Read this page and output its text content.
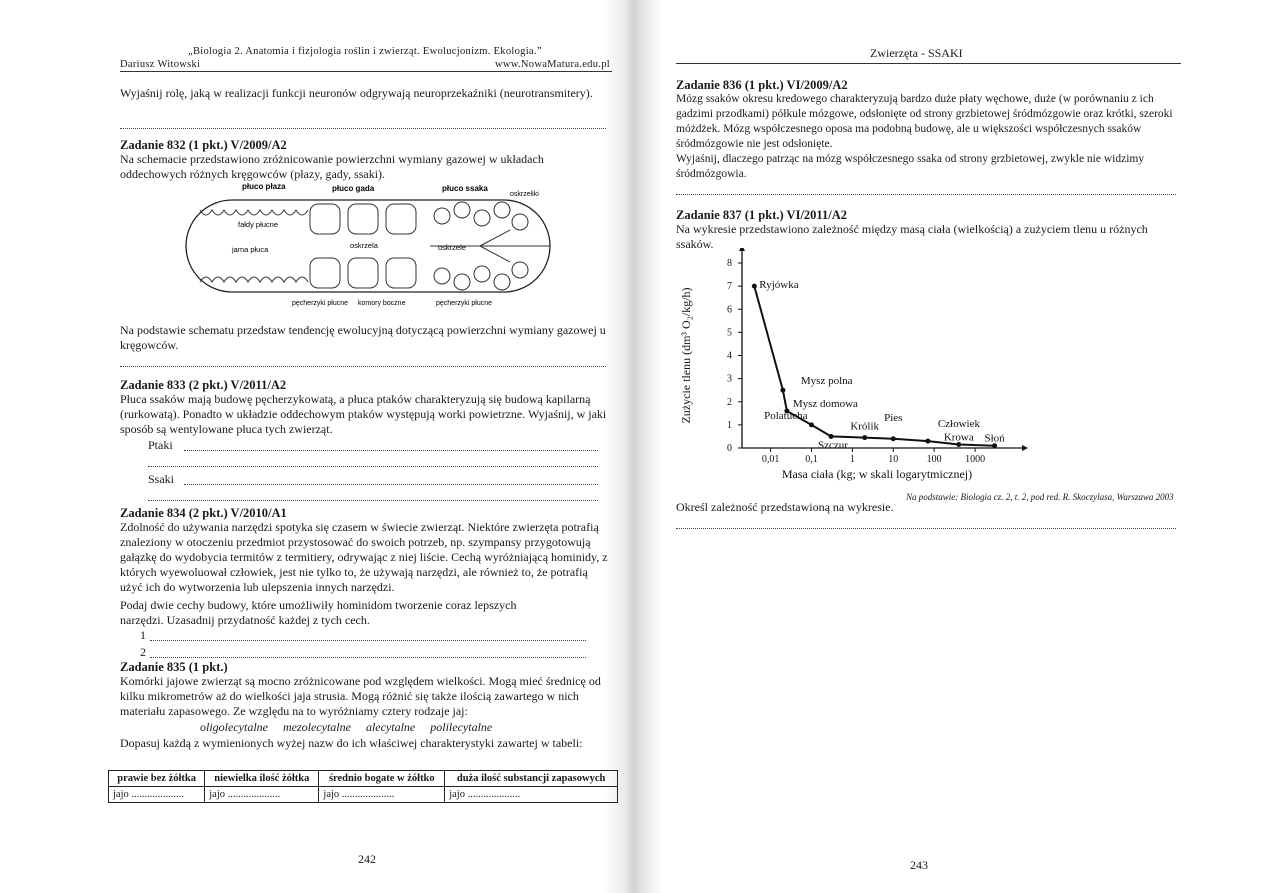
„Biologia 2. Anatomia i fizjologia roślin i zwierząt. Ewolucjonizm. Ekologia.”

Dariusz Witowski	www.NowaMatura.edu.pl

Wyjaśnij rolę, jaką w realizacji funkcji neuronów odgrywają neuroprzekaźniki (neurotransmitery).

Zadanie 832 (1 pkt.) V/2009/A2

Na schemacie przedstawiono zróżnicowanie powierzchni wymiany gazowej w układach oddechowych różnych kręgowców (płazy, gady, ssaki).

płuco płaza	płuco gada	płuco ssaka
oskrzeliki
fałdy płucne
jama płuca	oskrzela	oskrzele
pęcherzyki płucne komory boczne	pęcherzyki płucne

Na podstawie schematu przedstaw tendencję ewolucyjną dotyczącą powierzchni wymiany gazowej u kręgowców.

Zadanie 833 (2 pkt.) V/2011/A2

Płuca ssaków mają budowę pęcherzykowatą, a płuca ptaków charakteryzują się budową kapilarną (rurkowatą). Ponadto w układzie oddechowym ptaków występują worki powietrzne. Wyjaśnij, w jaki sposób są wentylowane płuca tych zwierząt.

Ptaki

Ssaki

Zadanie 834 (2 pkt.) V/2010/A1

Zdolność do używania narzędzi spotyka się czasem w świecie zwierząt. Niektóre zwierzęta potrafią znaleziony w otoczeniu przedmiot przystosować do swoich potrzeb, np. szympansy przygotowują gałązkę do wydobycia termitów z termitiery, odrywając z niej liście. Cechą wyróżniającą hominidy, z których wyewoluował człowiek, jest nie tylko to, że używają narzędzi, ale również to, że potrafią użyć ich do wytworzenia lub ulepszenia innych narzędzi.

Podaj dwie cechy budowy, które umożliwiły hominidom tworzenie coraz lepszych narzędzi. Uzasadnij przydatność każdej z tych cech.

1

2

Zadanie 835 (1 pkt.)

Komórki jajowe zwierząt są mocno zróżnicowane pod względem wielkości. Mogą mieć średnicę od kilku mikrometrów aż do wielkości jaja strusia. Mogą różnić się także ilością zawartego w nich materiału zapasowego. Ze względu na to wyróżniamy cztery rodzaje jaj:

oligolecytalne     mezolecytalne     alecytalne     polilecytalne

Dopasuj każdą z wymienionych wyżej nazw do ich właściwej charakterystyki zawartej w tabeli:

prawie bez żółtka	niewielka ilość żółtka	średnio bogate w żółtko	duża ilość substancji zapasowych
jajo ....................	jajo ....................	jajo ....................	jajo ....................

242

Zwierzęta - SSAKI

Zadanie 836 (1 pkt.) VI/2009/A2

Mózg ssaków okresu kredowego charakteryzują bardzo duże płaty węchowe, duże (w porównaniu z ich gadzimi przodkami) półkule mózgowe, odsłonięte od strony grzbietowej śródmózgowie oraz krótki, szeroki móżdżek. Mózg współczesnego oposa ma podobną budowę, ale u większości współczesnych ssaków śródmózgowie nie jest odsłonięte.

Wyjaśnij, dlaczego patrząc na mózg współczesnego ssaka od strony grzbietowej, zwykle nie widzimy śródmózgowia.

Zadanie 837 (1 pkt.) VI/2011/A2

Na wykresie przedstawiono zależność między masą ciała (wielkością) a zużyciem tlenu u różnych ssaków.

0
1
2
3
4
5
6
7
8
0,01	0,1	1	10	100 1000
Masa ciała (kg; w skali logarytmicznej)
Zużycie tlenu (dm³ O₂/kg/h)
Ryjówka
Mysz polna
Mysz domowa
Polatucha
Szczur
Królik
Pies
Człowiek
Krowa Słoń

Na podstawie: Biologia cz. 2, t. 2, pod red. R. Skoczylasa, Warszawa 2003

Określ zależność przedstawioną na wykresie.

243
